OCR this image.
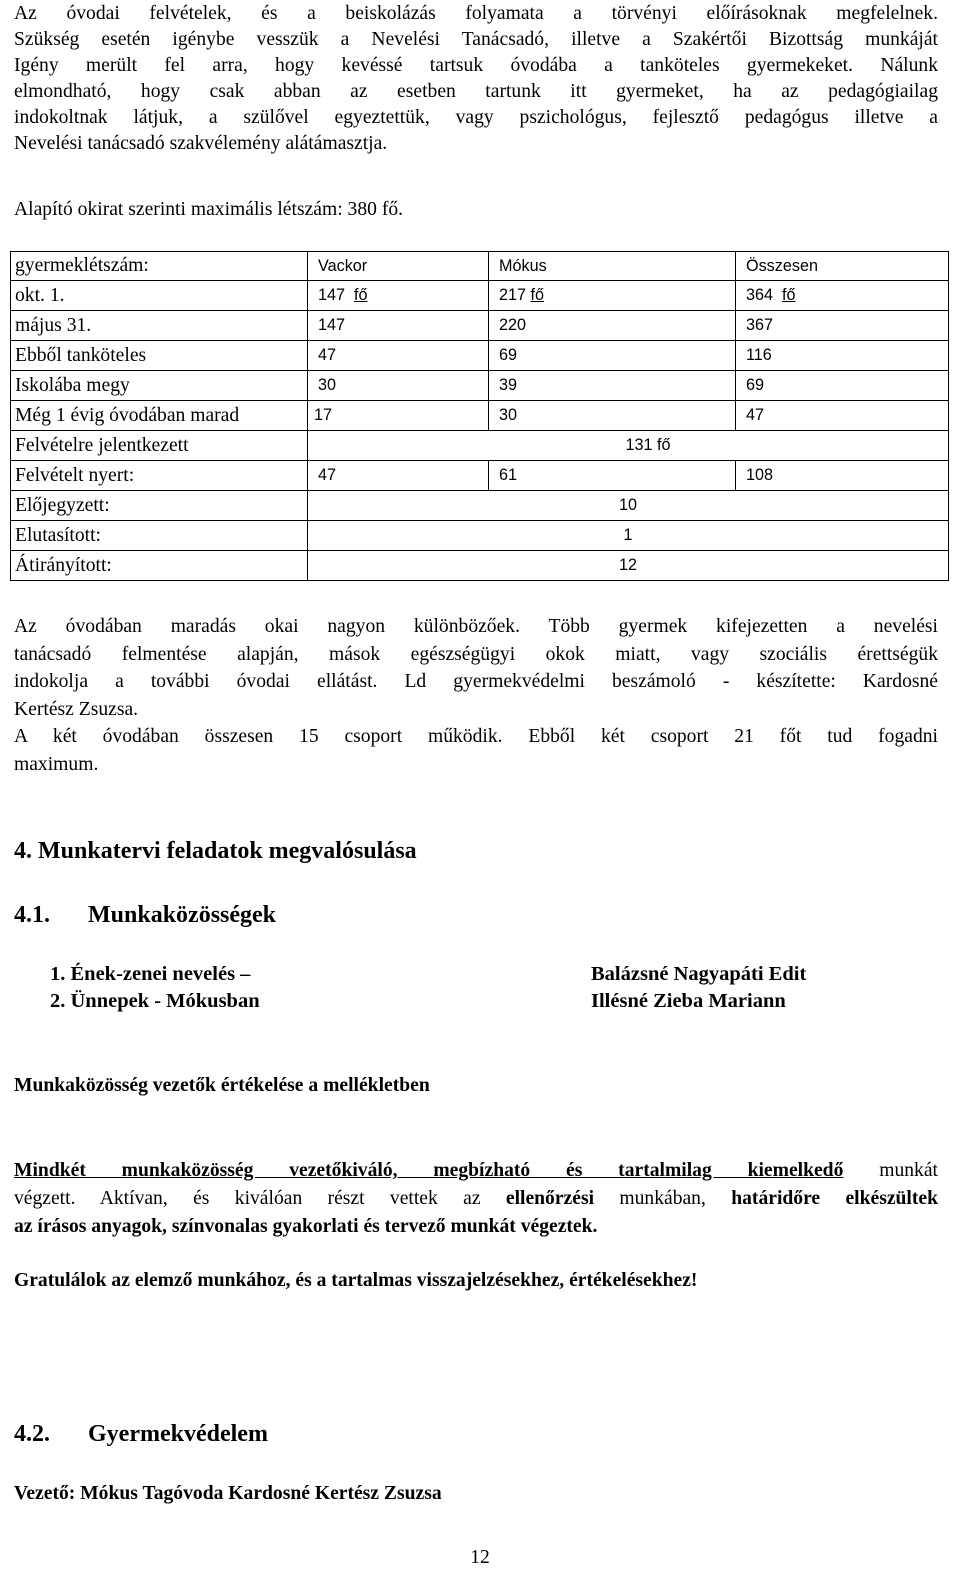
Az óvodai felvételek, és a beiskolázás folyamata a törvényi előírásoknak megfelelnek.
Szükség esetén igénybe vesszük a Nevelési Tanácsadó, illetve a Szakértői Bizottság munkáját
Igény merült fel arra, hogy kevéssé tartsuk óvodába a tanköteles gyermekeket. Nálunk
elmondható, hogy csak abban az esetben tartunk itt gyermeket, ha az pedagógiailag
indokoltnak látjuk, a szülővel egyeztettük, vagy pszichológus, fejlesztő pedagógus illetve a
Nevelési tanácsadó szakvélemény alátámasztja.
Alapító okirat szerinti maximális létszám: 380 fő.
gyermeklétszám:	Vackor	Mókus	Összesen
okt. 1.	147 fő	217 fő	364 fő
május 31.	147	220	367
Ebből tanköteles	47	69	116
Iskolába megy	30	39	69
Még 1 évig óvodában marad	17	30	47
Felvételre jelentkezett	131 fő		
Felvételt nyert:	47	61	108
Előjegyzett:	10		
Elutasított:	1		
Átirányított:	12		
Az óvodában maradás okai nagyon különbözőek. Több gyermek kifejezetten a nevelési
tanácsadó felmentése alapján, mások egészségügyi okok miatt, vagy szociális érettségük
indokolja a további óvodai ellátást. Ld gyermekvédelmi beszámoló - készítette: Kardosné
Kertész Zsuzsa.
A két óvodában összesen 15 csoport működik. Ebből két csoport 21 főt tud fogadni
maximum.
4. Munkatervi feladatok megvalósulása
4.1. Munkaközösségek
1. Ének-zenei nevelés –	Balázsné Nagyapáti Edit
2. Ünnepek - Mókusban	Illésné Zieba Mariann
Munkaközösség vezetők értékelése a mellékletben
Mindkét munkaközösség vezetőkiváló, megbízható és tartalmilag kiemelkedő munkát
végzett. Aktívan, és kiválóan részt vettek az ellenőrzési munkában, határidőre elkészültek
az írásos anyagok, színvonalas gyakorlati és tervező munkát végeztek.
Gratulálok az elemző munkához, és a tartalmas visszajelzésekhez, értékelésekhez!
4.2. Gyermekvédelem
Vezető: Mókus Tagóvoda Kardosné Kertész Zsuzsa
12
